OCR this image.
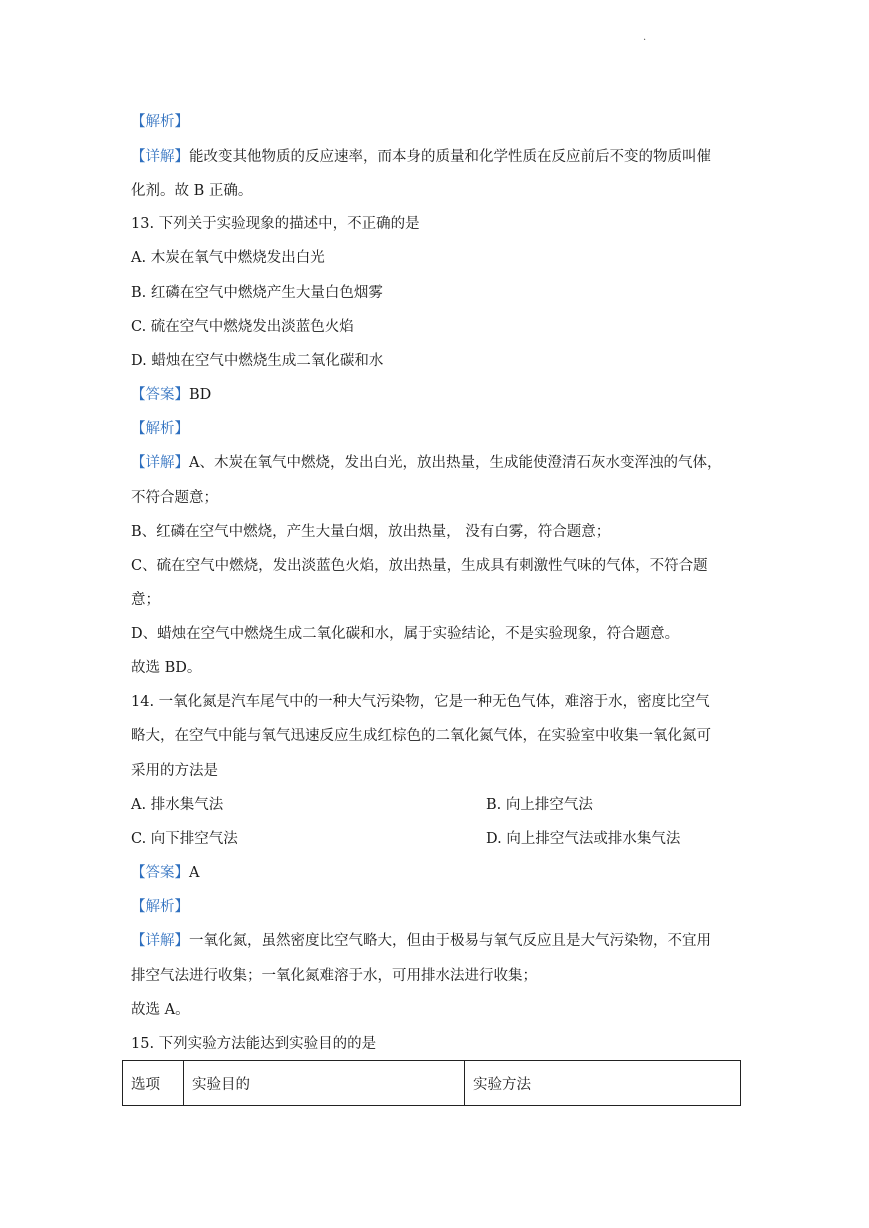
.
【解析】
【详解】能改变其他物质的反应速率，而本身的质量和化学性质在反应前后不变的物质叫催
化剂。故 B 正确。
13. 下列关于实验现象的描述中，不正确的是
A. 木炭在氧气中燃烧发出白光
B. 红磷在空气中燃烧产生大量白色烟雾
C. 硫在空气中燃烧发出淡蓝色火焰
D. 蜡烛在空气中燃烧生成二氧化碳和水
【答案】BD
【解析】
【详解】A、木炭在氧气中燃烧，发出白光，放出热量，生成能使澄清石灰水变浑浊的气体，
不符合题意；
B、红磷在空气中燃烧，产生大量白烟，放出热量， 没有白雾，符合题意；
C、硫在空气中燃烧，发出淡蓝色火焰，放出热量，生成具有刺激性气味的气体，不符合题
意；
D、蜡烛在空气中燃烧生成二氧化碳和水，属于实验结论，不是实验现象，符合题意。
故选 BD。
14. 一氧化氮是汽车尾气中的一种大气污染物，它是一种无色气体，难溶于水，密度比空气
略大，在空气中能与氧气迅速反应生成红棕色的二氧化氮气体，在实验室中收集一氧化氮可
采用的方法是
A. 排水集气法	B. 向上排空气法
C. 向下排空气法	D. 向上排空气法或排水集气法
【答案】A
【解析】
【详解】一氧化氮，虽然密度比空气略大，但由于极易与氧气反应且是大气污染物，不宜用
排空气法进行收集；一氧化氮难溶于水，可用排水法进行收集；
故选 A。
15. 下列实验方法能达到实验目的的是
选项	实验目的	实验方法
